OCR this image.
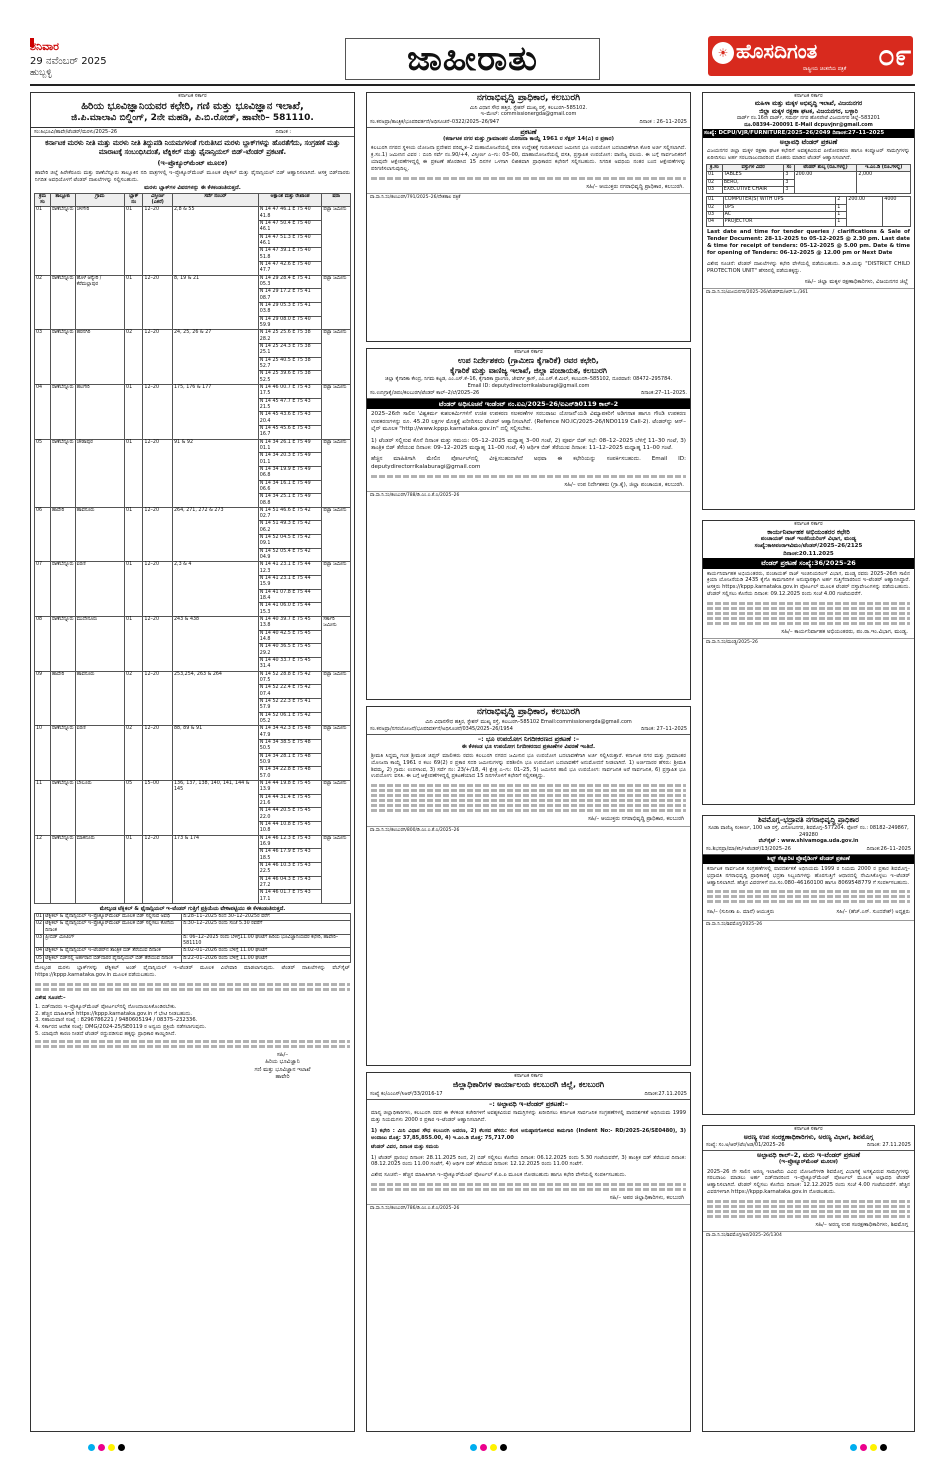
ಶನಿವಾರ
29 ನವೆಂಬರ್ 2025
ಹುಬ್ಬಳ್ಳಿ	ಜಾಹೀರಾತು	☀ ಹೊಸದಿಗಂತ ೦೯
ರಾಷ್ಟ್ರೀಯ ಚಿಂತನೆಯ ಪತ್ರಿಕೆ
ಕರ್ನಾಟಕ ಸರ್ಕಾರ
ಹಿರಿಯ ಭೂವಿಜ್ಞಾನಿಯವರ ಕಛೇರಿ, ಗಣಿ ಮತ್ತು ಭೂವಿಜ್ಞಾನ ಇಲಾಖೆ,
ಜಿ.ಪಿ.ಮಾಲಾವಿ ಬಿಲ್ಡಿಂಗ್, 2ನೇ ಮಹಡಿ, ಪಿ.ಬಿ.ರೋಡ್, ಹಾವೇರಿ– 581110.
ಸಂ:ಹಿಭೂವಿ/ಹಾವೇ/ಟೆಂಡರ್/ಮರಳು/2025–26	ದಿನಾಂಕ :
ಕರ್ನಾಟಕ ಮರಳು ನೀತಿ ಮತ್ತು ಮರಳು ನೀತಿ ತಿದ್ದುಪಡಿ ನಿಯಮಗಳಂತೆ ಗುರುತಿಸಿದ ಮರಳು ಬ್ಲಾಕ್‌ಗಳನ್ನು ಹೊರತೆಗೆದು, ಸಂಗ್ರಹಣೆ ಮತ್ತು ಮಾರಾಟಕ್ಕೆ ಸಂಬಂಧಿಸಿದಂತೆ, ಟೆಕ್ನಿಕಲ್ ಮತ್ತು ಫೈನಾನ್ಸಿಯಲ್ ಬಿಡ್–ಟೆಂಡರ್ ಪ್ರಕಟಣೆ.
(ಇ–ಪ್ರೊಕ್ಯೂರ್‌ಮೆಂಟ್ ಮೂಲಕ)
ಹಾವೇರಿ ಜಿಲ್ಲೆ ಹಿರೇಕೆರೂರು ಮತ್ತು ರಾಣೆಬೆನ್ನೂರು ತಾಲ್ಲೂಕಿನ ನದಿ ಪಾತ್ರಗಳಲ್ಲಿ ಇ–ಪ್ರೊಕ್ಯೂರ್‌ಮೆಂಟ್ ಮೂಲಕ ಟೆಕ್ನಿಕಲ್ ಮತ್ತು ಫೈನಾನ್ಸಿಯಲ್ ಬಿಡ್ ಆಹ್ವಾನಿಸಲಾಗಿದೆ. ಆಸಕ್ತ ಬಿಡ್‌ದಾರರು ನಿಗದಿತ ಅವಧಿಯೊಳಗೆ ಟೆಂಡರ್ ದಾಖಲೆಗಳನ್ನು ಸಲ್ಲಿಸಬಹುದು.
ಮರಳು ಬ್ಲಾಕ್‌ಗಳ ವಿವರಗಳನ್ನು ಈ ಕೆಳಕಂಡಂತಿರುತ್ತದೆ.
ಕ್ರಮ ಸಂ	ತಾಲ್ಲೂಕು	ಗ್ರಾಮ	ಬ್ಲಾಕ್ ನಂ	ವಿಸ್ತೀರ್ಣ (ಎಕರೆ)	ಸರ್ವೆ ನಂಬರ್	ಅಕ್ಷಾಂಶ ಮತ್ತು ರೇಖಾಂಶ	ಷರಾ
01	ರಾಣೆಬೆನ್ನೂರು	ಚಳಗೇರಿ	01	12–20	2,8 & 55	N 14 47 46.1 E 75 40 41.8	ಪಟ್ಟಾ ಜಮೀನು
						N 14 47 50.4 E 75 40 46.1	
						N 14 47 51.3 E 75 40 46.1	
						N 14 47 39.1 E 75 40 51.8	
						N 14 47 42.6 E 75 40 47.7	
02	ರಾಣೆಬೆನ್ನೂರು	ಹೊಳೆ ಆನ್ವೇರಿ / ಕೆರೆಮಲ್ಲಾಪುರ	01	12–20	8, 19 & 21	N 14 29 28.4 E 75 41 05.3	ಪಟ್ಟಾ ಜಮೀನು
						N 14 29 17.2 E 75 41 08.7	
						N 14 29 05.3 E 75 41 03.8	
						N 14 29 08.0 E 75 40 59.9	
03	ರಾಣೆಬೆನ್ನೂರು	ಹರನಗಿರಿ	02	12–20	24, 25, 26 & 27	N 14 25 25.6 E 75 38 28.2	ಪಟ್ಟಾ ಜಮೀನು
						N 14 25 24.3 E 75 38 25.1	
						N 14 25 40.5 E 75 38 52.7	
						N 14 25 39.6 E 75 38 52.5	
04	ರಾಣೆಬೆನ್ನೂರು	ಹಲಗೇರಿ	01	12–20	175, 176 & 177	N 14 46 00.7 E 75 43 17.5	ಪಟ್ಟಾ ಜಮೀನು
						N 14 45 47.7 E 75 43 21.5	
						N 14 45 43.6 E 75 43 20.4	
						N 14 45 45.6 E 75 43 16.7	
05	ರಾಣೆಬೆನ್ನೂರು	ಚೌಡಾಪುರ	01	12–20	91 & 92	N 14 34 26.1 E 75 49 01.1	ಪಟ್ಟಾ ಜಮೀನು
						N 14 34 20.3 E 75 49 01.1	
						N 14 34 19.9 E 75 49 06.8	
						N 14 34 16.1 E 75 49 06.6	
						N 14 34 25.1 E 75 49 08.8	
06	ಹಾವೇರಿ	ಹಾವನೂರು	01	12–20	264, 271, 272 & 273	N 14 51 46.6 E 75 42 02.7	ಪಟ್ಟಾ ಜಮೀನು
						N 14 51 49.3 E 75 42 06.2	
						N 14 52 04.5 E 75 42 09.1	
						N 14 52 05.4 E 75 42 04.9	
07	ರಾಣೆಬೆನ್ನೂರು	ಐರಣಿ	01	12–20	2,3 & 4	N 14 41 23.1 E 75 44 12.3	ಪಟ್ಟಾ ಜಮೀನು
						N 14 41 23.1 E 75 44 15.9	
						N 14 41 07.8 E 75 44 18.4	
						N 14 41 06.0 E 75 44 15.3	
08	ರಾಣೆಬೆನ್ನೂರು	ಮುದೇನೂರು	01	12–20	243 & 438	N 14 40 39.7 E 75 45 13.8	ಸರ್ಕಾರಿ ಜಮೀನು
						N 14 40 42.5 E 75 45 14.8	
						N 14 40 36.5 E 75 45 29.2	
						N 14 40 33.7 E 75 45 31.4	
09	ಹಾವೇರಿ	ಹಾವನೂರು	02	12–20	253,254, 263 & 264	N 14 52 28.8 E 75 42 07.5	ಪಟ್ಟಾ ಜಮೀನು
						N 14 52 22.4 E 75 42 07.4	
						N 14 52 22.3 E 75 41 57.9	
						N 14 52 06.1 E 75 42 05.2	
10	ರಾಣೆಬೆನ್ನೂರು	ಐರಣಿ	02	12–20	88, 89 & 91	N 14 34 42.3 E 75 48 47.9	ಪಟ್ಟಾ ಜಮೀನು
						N 14 34 38.5 E 75 48 50.5	
						N 14 34 28.1 E 75 48 50.9	
						N 14 34 22.8 E 75 48 57.0	
11	ರಾಣೆಬೆನ್ನೂರು	ಬೇಲೂರು	05	15–00	136, 137, 138, 140, 141, 144 & 145	N 14 44 19.8 E 75 45 13.9	ಪಟ್ಟಾ ಜಮೀನು
						N 14 44 31.4 E 75 45 21.6	
						N 14 44 20.5 E 75 45 22.0	
						N 14 44 10.8 E 75 45 10.8	
12	ರಾಣೆಬೆನ್ನೂರು	ಮಾಕನೂರು	01	12–20	173 & 174	N 14 46 12.3 E 75 43 16.9	ಪಟ್ಟಾ ಜಮೀನು
						N 14 46 17.9 E 75 43 18.5	
						N 14 46 10.3 E 75 43 22.5	
						N 14 46 04.3 E 75 43 27.2	
						N 14 46 01.7 E 75 43 17.1	
ಮೇಲ್ಕಂಡ ಟೆಕ್ನಿಕಲ್ & ಫೈನಾನ್ಸಿಯಲ್ ಇ–ಟೆಂಡರ್ ಗುತ್ತಿಗೆ ಪ್ರಕ್ರಿಯೆಯ ವೇಳಾಪಟ್ಟಿಯು ಈ ಕೆಳಕಂಡಂತಿರುತ್ತದೆ.
01	ಟೆಕ್ನಿಕಲ್ & ಫೈನಾನ್ಸಿಯಲ್ ಇ–ಪ್ರೊಕ್ಯೂರ್‌ಮೆಂಟ್ ಮೂಲಕ ಬಿಡ್ ಸಲ್ಲಿಸುವ ಅವಧಿ	ದಿ:28–11–2025 ರಿಂದ 30–12–2025ರ ವರೆಗೆ
02	ಟೆಕ್ನಿಕಲ್ & ಫೈನಾನ್ಸಿಯಲ್ ಇ–ಪ್ರೊಕ್ಯೂರ್‌ಮೆಂಟ್ ಮೂಲಕ ಬಿಡ್ ಸಲ್ಲಿಸಲು ಕೊನೆಯ ದಿನಾಂಕ	ದಿ:30–12–2025 ರಂದು ಸಂಜೆ 5.30 ರವರೆಗೆ
03	ಪ್ರೀಬಿಡ್ ಮೀಟಿಂಗ್	ದಿ: 06–12–2025 ರಂದು ಬೆಳಿಗ್ಗೆ11.00 ಘಂಟೆಗೆ ಹಿರಿಯ ಭೂವಿಜ್ಞಾನಿಯವರ ಕಛೇರಿ, ಹಾವೇರಿ– 581110
04	ಟೆಕ್ನಿಕಲ್ & ಫೈನಾನ್ಸಿಯಲ್ ಇ–ಟೆಂಡರ್‌ನ ತಾಂತ್ರಿಕ ಬಿಡ್ ತೆರೆಯುವ ದಿನಾಂಕ	ದಿ:02–01–2026 ರಂದು ಬೆಳಿಗ್ಗೆ 11.00 ಘಂಟೆಗೆ
05	ಟೆಕ್ನಿಕಲ್ ಬಿಡ್‌ನಲ್ಲಿ ಅರ್ಹರಾದ ಬಿಡ್‌ದಾರರ ಫೈನಾನ್ಸಿಯಲ್ ಬಿಡ್ ತೆರೆಯುವ ದಿನಾಂಕ	ದಿ:22–01–2026 ರಂದು ಬೆಳಿಗ್ಗೆ 11.00 ಘಂಟೆಗೆ
ಮೇಲ್ಕಂಡ ಮರಳು ಬ್ಲಾಕ್‌ಗಳನ್ನು ಟೆಕ್ನಿಕಲ್ ಅಂಡ್ ಫೈನಾನ್ಸಿಯಲ್ ಇ–ಟೆಂಡರ್ ಮೂಲಕ ವಿಲೇವಾರಿ ಮಾಡಲಾಗುವುದು. ಟೆಂಡರ್ ದಾಖಲೆಗಳನ್ನು ವೆಬ್‌ಸೈಟ್ https://kppp.karnataka.gov.in ಮೂಲಕ ಪಡೆಯಬಹುದು.
ವಿಶೇಷ ಸೂಚನೆ:–
1. ಬಿಡ್‌ದಾರರು ಇ–ಪ್ರೊಕ್ಯೂರ್‌ಮೆಂಟ್ ಪೋರ್ಟಲ್‌ನಲ್ಲಿ ನೋಂದಾಯಿಸಿಕೊಂಡಿರಬೇಕು.
2. ಹೆಚ್ಚಿನ ಮಾಹಿತಿಗಾಗಿ https://kppp.karnataka.gov.in ಗೆ ಭೇಟಿ ನೀಡಬಹುದು.
3. ಸಹಾಯವಾಣಿ ಸಂಖ್ಯೆ : 8296786221 / 9480605194 / 08375–232336.
4. ಸರ್ಕಾರದ ಆದೇಶ ಸಂಖ್ಯೆ: DMG/2024-25/SE0119 ರ ಅನ್ವಯ ಪ್ರಕ್ರಿಯೆ ನಡೆಸಲಾಗುವುದು.
5. ಯಾವುದೇ ಕಾರಣ ನೀಡದೆ ಟೆಂಡರ್ ರದ್ದುಪಡಿಸುವ ಹಕ್ಕನ್ನು ಪ್ರಾಧಿಕಾರ ಕಾಯ್ದಿರಿಸಿದೆ.
ಸಹಿ/–
ಹಿರಿಯ ಭೂವಿಜ್ಞಾನಿ
ಗಣಿ ಮತ್ತು ಭೂವಿಜ್ಞಾನ ಇಲಾಖೆ
ಹಾವೇರಿ
ನಗರಾಭಿವೃದ್ಧಿ ಪ್ರಾಧಿಕಾರ, ಕಲಬುರಗಿ
ಮಿನಿ ವಿಧಾನ ಸೌಧ ಹತ್ತಿರ, ಸ್ಟೇಶನ್ ಮುಖ್ಯ ರಸ್ತೆ, ಕಲಬುರಗಿ–585102.
ಇ–ಮೇಲ್: commissionergda@gmail.com
ಸಂ.ಕನಅಪ್ರಾ/ತಾಂತ್ರಿಕ/ಭೂಪರಿವರ್ತನೆ/ಅಧಿಸೂಚನೆ–0322/2025–26/947	ದಿನಾಂಕ : 26–11–2025
ಪ್ರಕಟಣೆ
(ಕರ್ನಾಟಕ ನಗರ ಮತ್ತು ಗ್ರಾಮಾಂತರ ಯೋಜನಾ ಕಾಯ್ದೆ 1961 ರ ಸೆಕ್ಷನ್ 14(ಎ) ರ ಪ್ರಕಾರ)
ಕಲಬುರಗಿ ನಗರದ ಸ್ಥಳೀಯ ಯೋಜನಾ ಪ್ರದೇಶದ ಪರಿಷ್ಕೃತ–2 ಮಹಾಯೋಜನೆಯಲ್ಲಿ ವಸತಿ ಉದ್ದೇಶಕ್ಕೆ ಗುರುತಿಸಲಾದ ಜಮೀನಿನ ಭೂ ಉಪಯೋಗ ಬದಲಾವಣೆಗಾಗಿ ಕೋರಿ ಅರ್ಜಿ ಸಲ್ಲಿಸಲಾಗಿದೆ. ಕ್ರ.ಸಂ.1) ಜಮೀನಿನ ವಿವರ : ಬಿಂದಿ ಸರ್ವೆ ನಂ.90/+4, ವಿಸ್ತೀರ್ಣ ಎ–ಗು: 03–00, ಮಾಹಾಯೋಜನೆಯಲ್ಲಿ ವಸತಿ, ಪ್ರಸ್ತಾಪಿತ ಉಪಯೋಗ: ವಾಣಿಜ್ಯ ವಲಯ. ಈ ಬಗ್ಗೆ ಸಾರ್ವಜನಿಕರಿಗೆ ಯಾವುದೇ ಆಕ್ಷೇಪಣೆಗಳಿದ್ದಲ್ಲಿ ಈ ಪ್ರಕಟಣೆ ಹೊರಡಿಸಿದ 15 ದಿನಗಳ ಒಳಗಾಗಿ ಲಿಖಿತವಾಗಿ ಪ್ರಾಧಿಕಾರದ ಕಛೇರಿಗೆ ಸಲ್ಲಿಸಬಹುದು. ನಿಗದಿತ ಅವಧಿಯ ನಂತರ ಬಂದ ಆಕ್ಷೇಪಣೆಗಳನ್ನು ಪರಿಗಣಿಸಲಾಗುವುದಿಲ್ಲ.
ಸಹಿ/– ಆಯುಕ್ತರು ನಗರಾಭಿವೃದ್ಧಿ ಪ್ರಾಧಿಕಾರ, ಕಲಬುರಗಿ.
ವಾ.ಸಾ.ನಿ.ಸಂ/ಕಲಬುರಗಿ/791/2025–26/ದೇಶಕಾಲ ಪತ್ರಿಕೆ
ಕರ್ನಾಟಕ ಸರ್ಕಾರ
ಉಪ ನಿರ್ದೇಶಕರು (ಗ್ರಾಮೀಣ ಕೈಗಾರಿಕೆ) ರವರ ಕಛೇರಿ,
ಕೈಗಾರಿಕೆ ಮತ್ತು ವಾಣಿಜ್ಯ ಇಲಾಖೆ, ಜಿಲ್ಲಾ ಪಂಚಾಯತ, ಕಲಬುರಗಿ
ಜಿಲ್ಲಾ ಕೈಗಾರಿಕಾ ಕೇಂದ್ರ, ನಿಗಮ ಕಟ್ಟಡ, ಎಂ.ಎಸ್.ಕೆ–16, ಕೈಗಾರಿಕಾ ಪ್ರಾಂಗಣ, ಜೇವರ್ಗಿ ಕ್ರಾಸ್, ಎಂ.ಎಸ್.ಕೆ.ಮಿಲ್, ಕಲಬುರಗಿ–585102, ದೂರವಾಣಿ: 08472–295784.
Email ID: deputydirectorrikalaburagi@gmail.com
ಸಂ.ಉನಿಗ್ರಾಕೈ/ಜಿಪಂ/ಕಲಬುರಗಿ/ಟೆಂಡರ್ ಕಾಲ್–2/ಲೆ/2025–26	ದಿನಾಂಕ:27–11–2025.
ಟೆಂಡರ್ ಅಧಿಸೂಚನೆ ಇಂಡೆಂಟ್ ನಂ.ಐಎ/2025–26/ಐಎನ್‌ಡಿ0119 ಕಾಲ್–2
2025–26ನೇ ಸಾಲಿನ 'ವಿಶ್ವಕರ್ಮ ಕುಶಲಕರ್ಮಿಗಳಿಗೆ ಉಚಿತ ಉಪಕರಣ ಸಲಕರಣೆಗಳ ಸರಬರಾಜು ಯೋಜನೆ'ಯಡಿ ವಿಮ್ಯಾಪಕರಿಗೆ ಅಡಿಗನಾತ ಹಾಗೂ ಗೌಂಡಿ ಉಪಕರಣ ಉಪಕರಣಗಳನ್ನು ರೂ. 45.20 ಲಕ್ಷಗಳ ಮೊತ್ತಕ್ಕೆ ಖರೀದಿಸಲು ಟೆಂಡರ್ ಆಹ್ವಾನಿಸಲಾಗಿದೆ. (Refence NO.IC/2025-26/IND0119 Call-2). ಟೆಂಡರ್‌ನ್ನು ಆನ್–ಲೈನ್ ಮೂಲಕ "http://www.kppp.karnataka.gov.in" ದಲ್ಲಿ ಸಲ್ಲಿಸಬೇಕು.
1) ಟೆಂಡರ್ ಸಲ್ಲಿಸುವ ಕೊನೆ ದಿನಾಂಕ ಮತ್ತು ಸಮಯ: 05–12–2025 ಮಧ್ಯಾಹ್ನ 3–00 ಗಂಟೆ, 2) ಪೂರ್ವ ಬಿಡ್ ಸಭೆ: 08–12–2025 ಬೆಳಿಗ್ಗೆ 11–30 ಗಂಟೆ, 3) ತಾಂತ್ರಿಕ ಬಿಡ್ ತೆರೆಯುವ ದಿನಾಂಕ: 09–12–2025 ಮಧ್ಯಾಹ್ನ 11–00 ಗಂಟೆ, 4) ಆರ್ಥಿಕ ಬಿಡ್ ತೆರೆಯುವ ದಿನಾಂಕ: 11–12–2025 ಮಧ್ಯಾಹ್ನ 11–00 ಗಂಟೆ.
ಹೆಚ್ಚಿನ ಮಾಹಿತಿಗಾಗಿ ಮೇಲಿನ ಪೋರ್ಟಲ್‌ನಲ್ಲಿ ವೀಕ್ಷಿಸಬಹುದಾಗಿದೆ ಅಥವಾ ಈ ಕಛೇರಿಯನ್ನು ಸಂಪರ್ಕಿಸಬಹುದು. Email ID: deputydirectorrikalaburagi@gmail.com
ಸಹಿ/– ಉಪ ನಿರ್ದೇಶಕರು (ಗ್ರಾ.ಕೈ), ಜಿಲ್ಲಾ ಪಂಚಾಯತ, ಕಲಬುರಗಿ.
ವಾ.ಸಾ.ನಿ.ಸಂ/ಕಲಬುರಗಿ/788/ಡಿ.ಎಂ.ಎ.ಕೆ.ಎ/2025–26
ನಗರಾಭಿವೃದ್ಧಿ ಪ್ರಾಧಿಕಾರ, ಕಲಬುರಗಿ
ಮಿನಿ ವಿಧಾನಸೌಧ ಹತ್ತಿರ, ಸ್ಟೇಶನ್ ಮುಖ್ಯ ರಸ್ತೆ, ಕಲಬುರಗಿ–585102 Email:commissionergda@gmail.com
ಸಂ.ಕನಅಪ್ರಾ/ನಗರಯೋಜನೆ/ಭೂಪರಿವರ್ತನೆ/ಅಧಿಸೂಚನೆ/0345/2025–26/1954	ದಿನಾಂಕ: 27–11–2025
–: ಭೂ ಉಪಯೋಗ ನಿಗದೀಕರಣದ ಪ್ರಕಟಣೆ :–
ಈ ಕೆಳಕಂಡ ಭೂ ಉಪಯೋಗ ನಿಗದೀಕರಣದ ಪ್ರಕಟಣೆಗಳ ವಿವರಣೆ ಇಂತಿದೆ.
ಶ್ರೀಮತಿ ಸಿದ್ದಮ್ಮ ಗಂಡ ಶ್ರೀಮಂತ ಜಿಪ್ಸನ್ ಮಾಲೀಕರು ರವರು ಕಲಬುರಗಿ ನಗರದ ಜಮೀನಿನ ಭೂ ಉಪಯೋಗ ಬದಲಾವಣೆಗಾಗಿ ಅರ್ಜಿ ಸಲ್ಲಿಸಿರುತ್ತಾರೆ. ಕರ್ನಾಟಕ ನಗರ ಮತ್ತು ಗ್ರಾಮಾಂತರ ಯೋಜನಾ ಕಾಯ್ದೆ 1961 ರ ಕಲಂ 69(2) ರ ಪ್ರಕಾರ ಸದರಿ ಜಮೀನುಗಳನ್ನು ಪರಿಶೀಲಿಸಿ ಭೂ ಉಪಯೋಗ ಬದಲಾವಣೆಗೆ ಅನುಮೋದನೆ ನೀಡಲಾಗಿದೆ. 1) ಅರ್ಜಿದಾರರ ಹೆಸರು: ಶ್ರೀಮತಿ ಶಿವಮ್ಮ, 2) ಗ್ರಾಮ: ಉಪಳಾಂವ, 3) ಸರ್ವೆ ನಂ: 23/+/18, 4) ಕ್ಷೇತ್ರ ಎ–ಗು: 01–25, 5) ಜಮೀನಿನ ಹಾಲಿ ಭೂ ಉಪಯೋಗ: ಸಾರ್ವಜನಿಕ ಅರೆ ಸಾರ್ವಜನಿಕ, 6) ಪ್ರಸ್ತಾಪಿತ ಭೂ ಉಪಯೋಗ: ವಸತಿ. ಈ ಬಗ್ಗೆ ಆಕ್ಷೇಪಣೆಗಳಿದ್ದಲ್ಲಿ ಪ್ರಕಟಣೆಯಾದ 15 ದಿನಗಳೊಳಗೆ ಕಛೇರಿಗೆ ಸಲ್ಲಿಸತಕ್ಕದ್ದು.
ಸಹಿ/– ಆಯುಕ್ತರು ನಗರಾಭಿವೃದ್ಧಿ ಪ್ರಾಧಿಕಾರ, ಕಲಬುರಗಿ
ವಾ.ಸಾ.ನಿ.ಸಂ/ಕಲಬುರಗಿ/800/ಡಿ.ಎಂ.ಎ.ಕೆ.ಎ/2025–26
ಕರ್ನಾಟಕ ಸರ್ಕಾರ
ಜಿಲ್ಲಾಧಿಕಾರಿಗಳ ಕಾರ್ಯಾಲಯ ಕಲಬುರಗಿ ಜಿಲ್ಲೆ, ಕಲಬುರಗಿ
ಸಂಖ್ಯೆ ಕಂ/ಎಂಎಸ್/ಸಿಆರ್/33/2016-17	ದಿನಾಂಕ:27.11.2025
–: ಅಲ್ಪಾವಧಿ ಇ–ಟೆಂಡರ್ ಪ್ರಕಟಣೆ:–
ಮಾನ್ಯ ಜಿಲ್ಲಾಧಿಕಾರಿಗಳು, ಕಲಬುರಗಿ ರವರ ಈ ಕೆಳಕಂಡ ಕಚೇರಿಗಳಿಗೆ ಅವಶ್ಯಕವಿರುವ ಸಾಮಗ್ರಿಗಳನ್ನು ಖರೀದಿಸಲು ಕರ್ನಾಟಕ ಸಾರ್ವಜನಿಕ ಸಂಗ್ರಹಣೆಗಳಲ್ಲಿ ಪಾರದರ್ಶಕತೆ ಅಧಿನಿಯಮ 1999 ಮತ್ತು ನಿಯಮಗಳು 2000 ರ ಪ್ರಕಾರ ಇ–ಟೆಂಡರ್ ಆಹ್ವಾನಿಸಲಾಗಿದೆ.
1) ಕಛೇರಿ : ಮಿನಿ ವಿಧಾನ ಸೌಧ ಕಲಬುರಗಿ ಆವರಣ, 2) ಕೆಲಸದ ಹೆಸರು: ಕೆಲಸ ಅನುಷ್ಠಾನಗೊಳಿಸುವ ಕಾಮಗಾರಿ (Indent No:- RD/2025-26/SE0480), 3) ಅಂದಾಜು ಮೊತ್ತ: 37,85,855.00, 4) ಇ.ಎಂ.ಡಿ ಮೊತ್ತ: 75,717.00
ಟೆಂಡರ್ ವಿವರ, ದಿನಾಂಕ ಮತ್ತು ಸಮಯ
1) ಟೆಂಡರ್ ಪ್ರಾರಂಭ ದಿನಾಂಕ: 28.11.2025 ರಿಂದ, 2) ಬಿಡ್ ಸಲ್ಲಿಸಲು ಕೊನೆಯ ದಿನಾಂಕ: 06.12.2025 ರಂದು 5.30 ಗಂಟೆಯವರೆಗೆ, 3) ತಾಂತ್ರಿಕ ಬಿಡ್ ತೆರೆಯುವ ದಿನಾಂಕ: 08.12.2025 ರಂದು 11.00 ಗಂಟೆಗೆ, 4) ಆರ್ಥಿಕ ಬಿಡ್ ತೆರೆಯುವ ದಿನಾಂಕ: 12.12.2025 ರಂದು 11.00 ಗಂಟೆಗೆ.
ವಿಶೇಷ ಸೂಚನೆ:– ಹೆಚ್ಚಿನ ಮಾಹಿತಿಗಾಗಿ ಇ–ಪ್ರೊಕ್ಯೂರ್‌ಮೆಂಟ್ ಪೋರ್ಟಲ್ ಕೆ.ಪಿ.ಪಿ ಮೂಲಕ ನೋಡಬಹುದು ಹಾಗೂ ಕಛೇರಿ ವೇಳೆಯಲ್ಲಿ ಸಂಪರ್ಕಿಸಬಹುದು.
ಸಹಿ/– ಅಪರ ಜಿಲ್ಲಾಧಿಕಾರಿಗಳು, ಕಲಬುರಗಿ
ವಾ.ಸಾ.ನಿ.ಸಂ/ಕಲಬುರಗಿ/786/ಡಿ.ಎಂ.ಎ.ಕೆ.ಎ/2025–26
ಕರ್ನಾಟಕ ಸರ್ಕಾರ
ಮಹಿಳಾ ಮತ್ತು ಮಕ್ಕಳ ಅಭಿವೃದ್ಧಿ ಇಲಾಖೆ, ವಿಜಯನಗರ
ಜಿಲ್ಲಾ ಮಕ್ಕಳ ರಕ್ಷಣಾ ಘಟಕ, ವಿಜಯನಗರ, ಬಳ್ಳಾರಿ
ವಾರ್ಡ್ ನಂ.16ನೇ ವಾರ್ಡ್, ಸಮರ್ಥ ನಗರ ಹೊಸಪೇಟೆ ವಿಜಯನಗರ ಜಿಲ್ಲೆ–583201
ದೂ.08394–200091 E-Mail dcpuvjnr@gmail.com
ಸಂಖ್ಯೆ: DCPU/VJR/FURNITURE/2025–26/2049 ದಿನಾಂಕ:27–11–2025
ಅಲ್ಪಾವಧಿ ಟೆಂಡರ್ ಪ್ರಕಟಣೆ
ವಿಜಯನಗರ ಜಿಲ್ಲಾ ಮಕ್ಕಳ ರಕ್ಷಣಾ ಘಟಕ ಕಛೇರಿಗೆ ಅವಶ್ಯಕವಿರುವ ಪೀಠೋಪಕರಣ ಹಾಗೂ ಕಂಪ್ಯೂಟರ್ ಸಾಮಗ್ರಿಗಳನ್ನು ಖರೀದಿಸಲು ಅರ್ಹ ಸರಬರಾಜುದಾರರಿಂದ ಮೊಹರು ಮಾಡಿದ ಟೆಂಡರ್ ಆಹ್ವಾನಿಸಲಾಗಿದೆ.
ಕ್ರ.ಸಂ	ವಸ್ತುಗಳ ವಿವರ	ಸಂ	ಟೆಂಡರ್ ಶುಲ್ಕ (ರೂ.ಗಳಲ್ಲಿ)	ಇ.ಎಂ.ಡಿ (ರೂ.ಗಳಲ್ಲಿ)
01	TABLES	3	200.00	2,000
02	BERO,	3		
03	EXECUTIVE CHAIR	3		
01	COMPUTER(S) WITH UPS	2	200.00	4000
02	UPS	1		
03	AC	1		
04	PROJECTOR	1		
Last date and time for tender queries / clarifications & Sale of Tender Document: 28-11-2025 to 05-12-2025 @ 2.30 pm. Last date & time for receipt of tenders: 05-12-2025 @ 5.00 pm. Date & time for opening of Tenders: 06-12-2025 @ 12.00 pm or Next Date
ವಿಶೇಷ ಸೂಚನೆ: ಟೆಂಡರ್ ದಾಖಲೆಗಳನ್ನು ಕಛೇರಿ ವೇಳೆಯಲ್ಲಿ ಪಡೆಯಬಹುದು. ಡಿ.ಡಿ.ಯನ್ನು "DISTRICT CHILD PROTECTION UNIT" ಹೆಸರಿನಲ್ಲಿ ಪಡೆಯತಕ್ಕದ್ದು.
ಸಹಿ/– ಜಿಲ್ಲಾ ಮಕ್ಕಳ ರಕ್ಷಣಾಧಿಕಾರಿಗಳು, ವಿಜಯನಗರ ಜಿಲ್ಲೆ
ವಾ.ಸಾ.ನಿ.ಸಂ/ವಿಜಯನಗರ/2025–26/ಟೆಂಡರ್‌ಮ/ಆರ್.ಓ./361
ಕರ್ನಾಟಕ ಸರ್ಕಾರ
ಕಾರ್ಯನಿರ್ವಾಹಕ ಅಭಿಯಂತರರ ಕಛೇರಿ
ಪಂಚಾಯತ್ ರಾಜ್ ಇಂಜಿನಿಯರಿಂಗ್ ವಿಭಾಗ, ಮಂಡ್ಯ
ಸಂಖ್ಯೆ:ಕಾಅಪಂರಾಇವಿಮಂ/ಟೆಂಡರ್/2025–26/2125
ದಿನಾಂಕ:20.11.2025
ಟೆಂಡರ್ ಪ್ರಕಟಣೆ ಸಂಖ್ಯೆ:36/2025–26
ಕಾರ್ಯನಿರ್ವಾಹಕ ಅಭಿಯಂತರರು, ಪಂಚಾಯತ್ ರಾಜ್ ಇಂಜಿನಿಯರಿಂಗ್ ವಿಭಾಗ, ಮಂಡ್ಯ ರವರು 2025–26ನೇ ಸಾಲಿನ ಕ್ರಿಯಾ ಯೋಜನೆಯಡಿ 2435 ಕೈಗೊ ಕಾಮಗಾರಿಗಳ ಅನುಷ್ಠಾನಕ್ಕಾಗಿ ಅರ್ಹ ಗುತ್ತಿಗೆದಾರರಿಂದ ಇ–ಟೆಂಡರ್ ಆಹ್ವಾನಿಸಿದ್ದಾರೆ. ಆಸಕ್ತರು https://kppp.karnataka.gov.in ಪೋರ್ಟಲ್ ಮೂಲಕ ಟೆಂಡರ್ ದಸ್ತಾವೇಜುಗಳನ್ನು ಪಡೆಯಬಹುದು. ಟೆಂಡರ್ ಸಲ್ಲಿಸಲು ಕೊನೆಯ ದಿನಾಂಕ: 09.12.2025 ರಂದು ಸಂಜೆ 4.00 ಗಂಟೆಯವರೆಗೆ.
ಸಹಿ/– ಕಾರ್ಯನಿರ್ವಾಹಕ ಅಭಿಯಂತರರು, ಪಂ.ರಾ.ಇಂ.ವಿಭಾಗ, ಮಂಡ್ಯ.
ವಾ.ಸಾ.ನಿ.ಸಂ/ಮಂಡ್ಯ/2025–26
ಶಿವಮೊಗ್ಗ–ಭದ್ರಾವತಿ ನಗರಾಭಿವೃದ್ಧಿ ಪ್ರಾಧಿಕಾರ
ಸೂಡಾ ವಾಣಿಜ್ಯ ಸಂಕೀರ್ಣ, 100 ಅಡಿ ರಸ್ತೆ, ವಿನೋಬನಗರ, ಶಿವಮೊಗ್ಗ–577204. ಫೋನ್ ನಂ.: 08182–249867, 249280
ವೆಬ್‌ಸೈಟ್ : www.shivamoga.uda.gov.in
ಸಂ.ಶಿಭನಪ್ರಾ/ಮಾ/ಕನಿ/ಇಟೆಂಡರ್/13/2025–26	ದಿನಾಂಕ:26–11–2025
ಶಿಫ್ಟ್ ಸೆಕ್ಯೂರಿಟಿ ಪ್ರೊವೈಡಿಂಗ್ ಟೆಂಡರ್ ಪ್ರಕಟಣೆ
ಕರ್ನಾಟಕ ಸಾರ್ವಜನಿಕ ಸಂಗ್ರಹಣೆಗಳಲ್ಲಿ ಪಾರದರ್ಶಕತೆ ಅಧಿನಿಯಮ 1999 ರ ನಿಯಮ 2000 ರ ಪ್ರಕಾರ ಶಿವಮೊಗ್ಗ–ಭದ್ರಾವತಿ ನಗರಾಭಿವೃದ್ಧಿ ಪ್ರಾಧಿಕಾರಕ್ಕೆ ಭದ್ರತಾ ಸಿಬ್ಬಂದಿಗಳನ್ನು ಹೊರಗುತ್ತಿಗೆ ಆಧಾರದಲ್ಲಿ ನೇಮಿಸಿಕೊಳ್ಳಲು ಇ–ಟೆಂಡರ್ ಆಹ್ವಾನಿಸಲಾಗಿದೆ. ಹೆಚ್ಚಿನ ವಿವರಗಳಿಗೆ ದೂ.ಸಂ.080–46160100 ಹಾಗೂ 8069548779 ಗೆ ಸಂಪರ್ಕಿಸಬಹುದು.
ಸಹಿ/– (ಸುನೀತಾ ಪಿ. ಮಾನೆ) ಆಯುಕ್ತರು	ಸಹಿ/– (ಹೆಚ್.ಎಸ್. ಸುಂದರೇಶ್) ಅಧ್ಯಕ್ಷರು
ವಾ.ಸಾ.ನಿ.ಸಂ/ಶಿವಮೊಗ್ಗ/2025–26
ಕರ್ನಾಟಕ ಸರ್ಕಾರ
ಅರಣ್ಯ ಉಪ ಸಂರಕ್ಷಣಾಧಿಕಾರಿಗಳು, ಅರಣ್ಯ ವಿಭಾಗ, ಶಿವಮೊಗ್ಗ
ಸಂಖ್ಯೆ: ಸಂ.ಅ/ಆರ್/ಟೆಂ/ಅಡ/01/2025–26	ದಿನಾಂಕ: 27.11.2025
ಅಲ್ಪಾವಧಿ ಕಾಲ್–2, ಮರು ಇ–ಟೆಂಡರ್ ಪ್ರಕಟಣೆ
(ಇ–ಪ್ರೊಕ್ಯೂರ್‌ಮೆಂಟ್ ಮೂಲಕ)
2025–26 ನೇ ಸಾಲಿನ ಅರಣ್ಯ ಇಲಾಖೆಯ ವಿವಿಧ ಯೋಜನೆಗಳಡಿ ಶಿವಮೊಗ್ಗ ವಿಭಾಗಕ್ಕೆ ಅಗತ್ಯವಿರುವ ಸಾಮಗ್ರಿಗಳನ್ನು ಸರಬರಾಜು ಮಾಡಲು ಅರ್ಹ ಬಿಡ್‌ದಾರರಿಂದ ಇ–ಪ್ರೊಕ್ಯೂರ್‌ಮೆಂಟ್ ಪೋರ್ಟಲ್ ಮೂಲಕ ಅಲ್ಪಾವಧಿ ಟೆಂಡರ್ ಆಹ್ವಾನಿಸಲಾಗಿದೆ. ಟೆಂಡರ್ ಸಲ್ಲಿಸಲು ಕೊನೆಯ ದಿನಾಂಕ: 12.12.2025 ರಂದು ಸಂಜೆ 4.00 ಗಂಟೆಯವರೆಗೆ. ಹೆಚ್ಚಿನ ವಿವರಗಳಿಗಾಗಿ https://kppp.karnataka.gov.in ನೋಡಬಹುದು.
ಸಹಿ/– ಅರಣ್ಯ ಉಪ ಸಂರಕ್ಷಣಾಧಿಕಾರಿಗಳು, ಶಿವಮೊಗ್ಗ
ವಾ.ಸಾ.ನಿ.ಸಂ/ಶಿವಮೊಗ್ಗ/ಅರ/2025–26/1304
